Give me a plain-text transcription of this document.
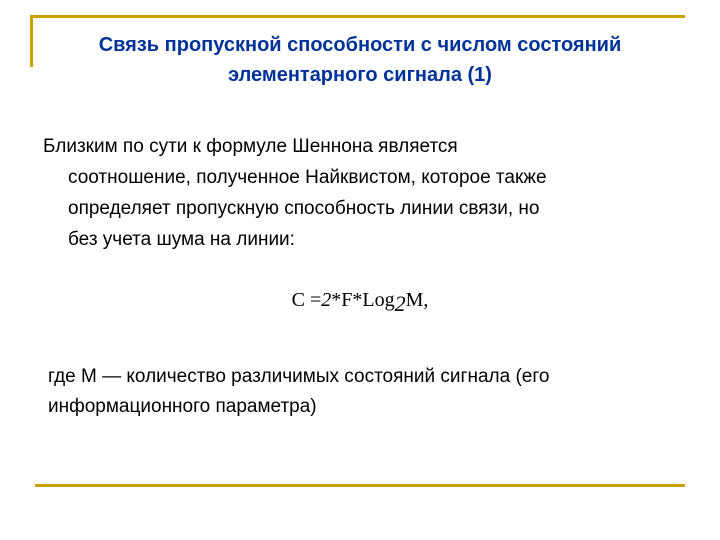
Связь пропускной способности с числом состояний
элементарного сигнала (1)

Близким по сути к формуле Шеннона является
соотношение, полученное Найквистом, которое также
определяет пропускную способность линии связи, но
без учета шума на линии:

C =2*F*Log2M,

где М — количество различимых состояний сигнала (его
информационного параметра)
